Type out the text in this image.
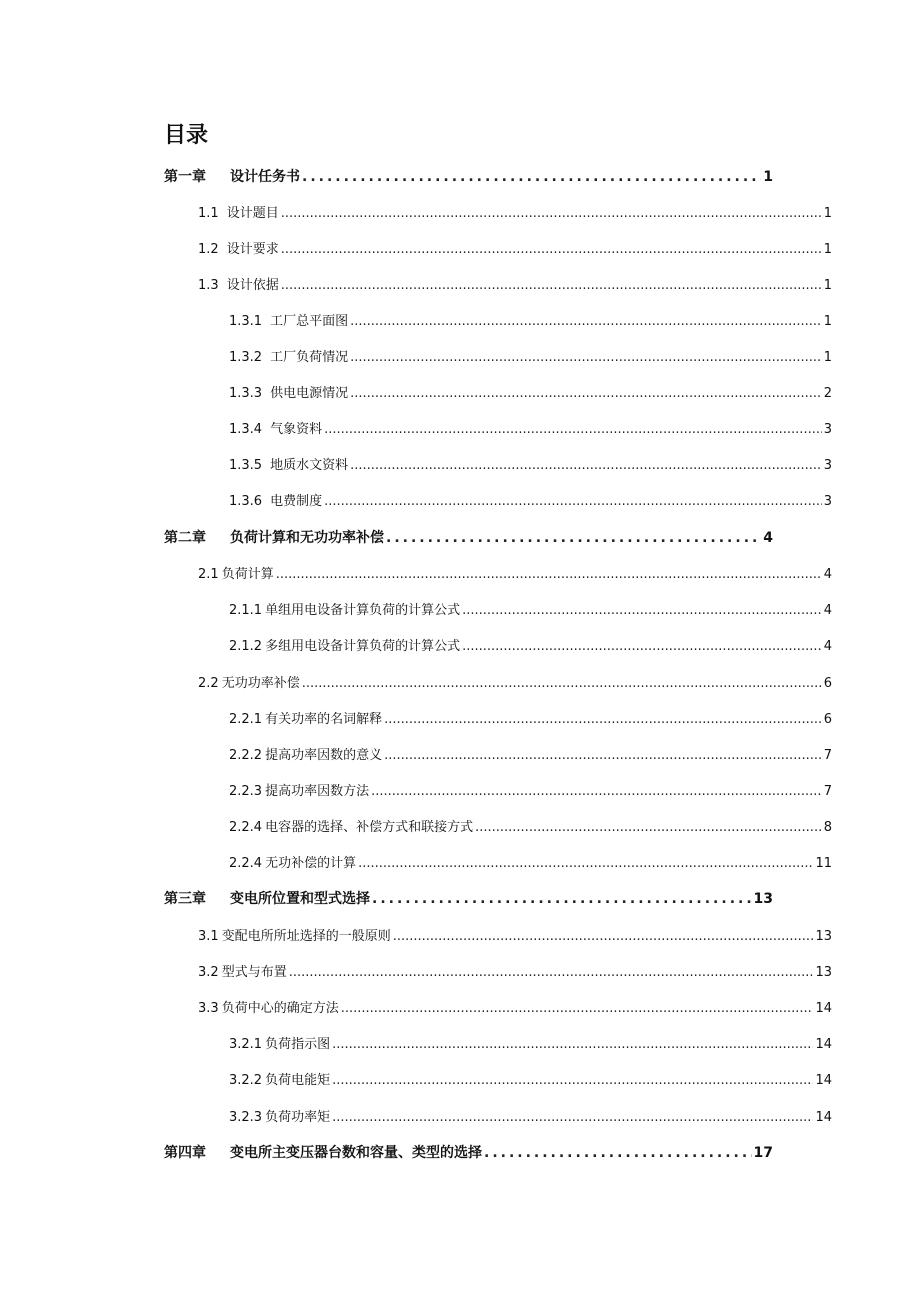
目录
第一章	设计任务书 .....	1
1.1 设计题目 .....	1
1.2 设计要求 .....	1
1.3 设计依据 .....	1
1.3.1 工厂总平面图 .....	1
1.3.2 工厂负荷情况 .....	1
1.3.3 供电电源情况 .....	2
1.3.4 气象资料 .....	3
1.3.5 地质水文资料 .....	3
1.3.6 电费制度 .....	3
第二章	负荷计算和无功功率补偿 .....	4
2.1 负荷计算 .....	4
2.1.1 单组用电设备计算负荷的计算公式 .....	4
2.1.2 多组用电设备计算负荷的计算公式 .....	4
2.2 无功功率补偿 .....	6
2.2.1 有关功率的名词解释 .....	6
2.2.2 提高功率因数的意义 .....	7
2.2.3 提高功率因数方法 .....	7
2.2.4 电容器的选择、补偿方式和联接方式 .....	8
2.2.4 无功补偿的计算 .....	11
第三章	变电所位置和型式选择 .....	13
3.1 变配电所所址选择的一般原则 .....	13
3.2 型式与布置 .....	13
3.3 负荷中心的确定方法 .....	14
3.2.1 负荷指示图 .....	14
3.2.2 负荷电能矩 .....	14
3.2.3 负荷功率矩 .....	14
第四章	变电所主变压器台数和容量、类型的选择 .....	17
